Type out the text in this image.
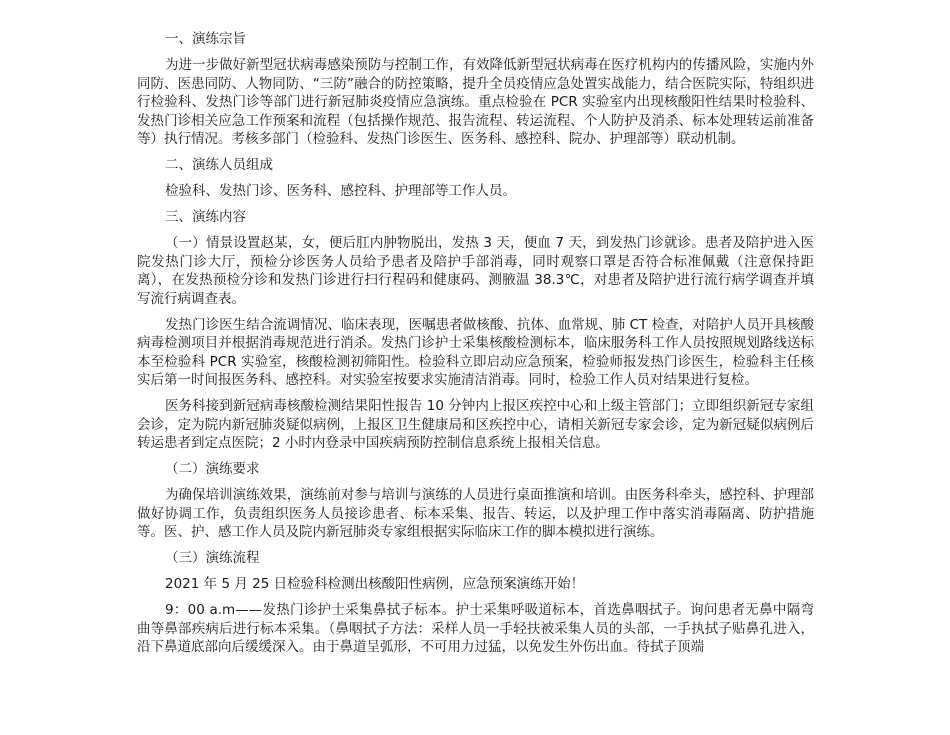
一、演练宗旨

为进一步做好新型冠状病毒感染预防与控制工作，有效降低新型冠状病毒在医疗机构内的传播风险，实施内外同防、医患同防、人物同防、“三防”融合的防控策略，提升全员疫情应急处置实战能力，结合医院实际，特组织进行检验科、发热门诊等部门进行新冠肺炎疫情应急演练。重点检验在 PCR 实验室内出现核酸阳性结果时检验科、发热门诊相关应急工作预案和流程（包括操作规范、报告流程、转运流程、个人防护及消杀、标本处理转运前准备等）执行情况。考核多部门（检验科、发热门诊医生、医务科、感控科、院办、护理部等）联动机制。

二、演练人员组成

检验科、发热门诊、医务科、感控科、护理部等工作人员。

三、演练内容

（一）情景设置赵某，女，便后肛内肿物脱出，发热 3 天，便血 7 天，到发热门诊就诊。患者及陪护进入医院发热门诊大厅，预检分诊医务人员给予患者及陪护手部消毒，同时观察口罩是否符合标准佩戴（注意保持距离），在发热预检分诊和发热门诊进行扫行程码和健康码、测腋温 38.3℃，对患者及陪护进行流行病学调查并填写流行病调查表。

发热门诊医生结合流调情况、临床表现，医嘱患者做核酸、抗体、血常规、肺 CT 检查，对陪护人员开具核酸病毒检测项目并根据消毒规范进行消杀。发热门诊护士采集核酸检测标本，临床服务科工作人员按照规划路线送标本至检验科 PCR 实验室，核酸检测初筛阳性。检验科立即启动应急预案，检验师报发热门诊医生，检验科主任核实后第一时间报医务科、感控科。对实验室按要求实施清洁消毒。同时，检验工作人员对结果进行复检。

医务科接到新冠病毒核酸检测结果阳性报告 10 分钟内上报区疾控中心和上级主管部门；立即组织新冠专家组会诊，定为院内新冠肺炎疑似病例，上报区卫生健康局和区疾控中心，请相关新冠专家会诊，定为新冠疑似病例后转运患者到定点医院；2 小时内登录中国疾病预防控制信息系统上报相关信息。

（二）演练要求

为确保培训演练效果，演练前对参与培训与演练的人员进行桌面推演和培训。由医务科牵头，感控科、护理部做好协调工作，负责组织医务人员接诊患者、标本采集、报告、转运，以及护理工作中落实消毒隔离、防护措施等。医、护、感工作人员及院内新冠肺炎专家组根据实际临床工作的脚本模拟进行演练。

（三）演练流程

2021 年 5 月 25 日检验科检测出核酸阳性病例，应急预案演练开始！

9：00 a.m——发热门诊护士采集鼻拭子标本。护士采集呼吸道标本，首选鼻咽拭子。询问患者无鼻中隔弯曲等鼻部疾病后进行标本采集。（鼻咽拭子方法：采样人员一手轻扶被采集人员的头部，一手执拭子贴鼻孔进入，沿下鼻道底部向后缓缓深入。由于鼻道呈弧形，不可用力过猛，以免发生外伤出血。待拭子顶端
